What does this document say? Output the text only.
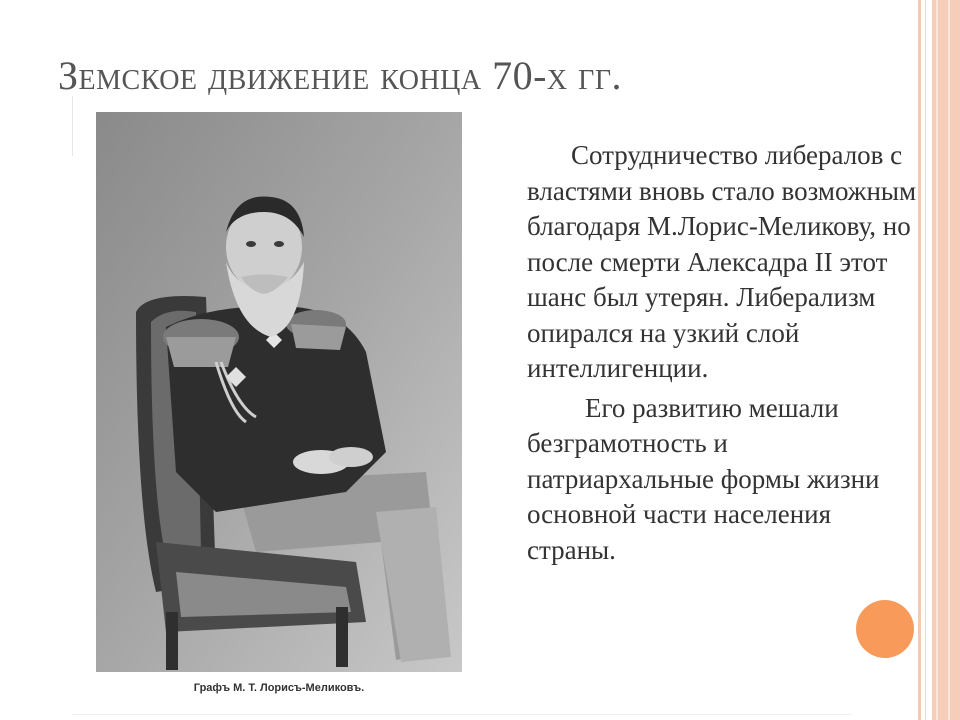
Земское движение конца 70-х гг.
Графъ М. Т. Лорисъ-Меликовъ.

Сотрудничество либералов с властями вновь стало возможным благодаря М.Лорис-Меликову, но после смерти Алексадра II этот шанс был утерян. Либерализм опирался на узкий слой интеллигенции.

Его развитию мешали безграмотность и патриархальные формы жизни основной части населения страны.
